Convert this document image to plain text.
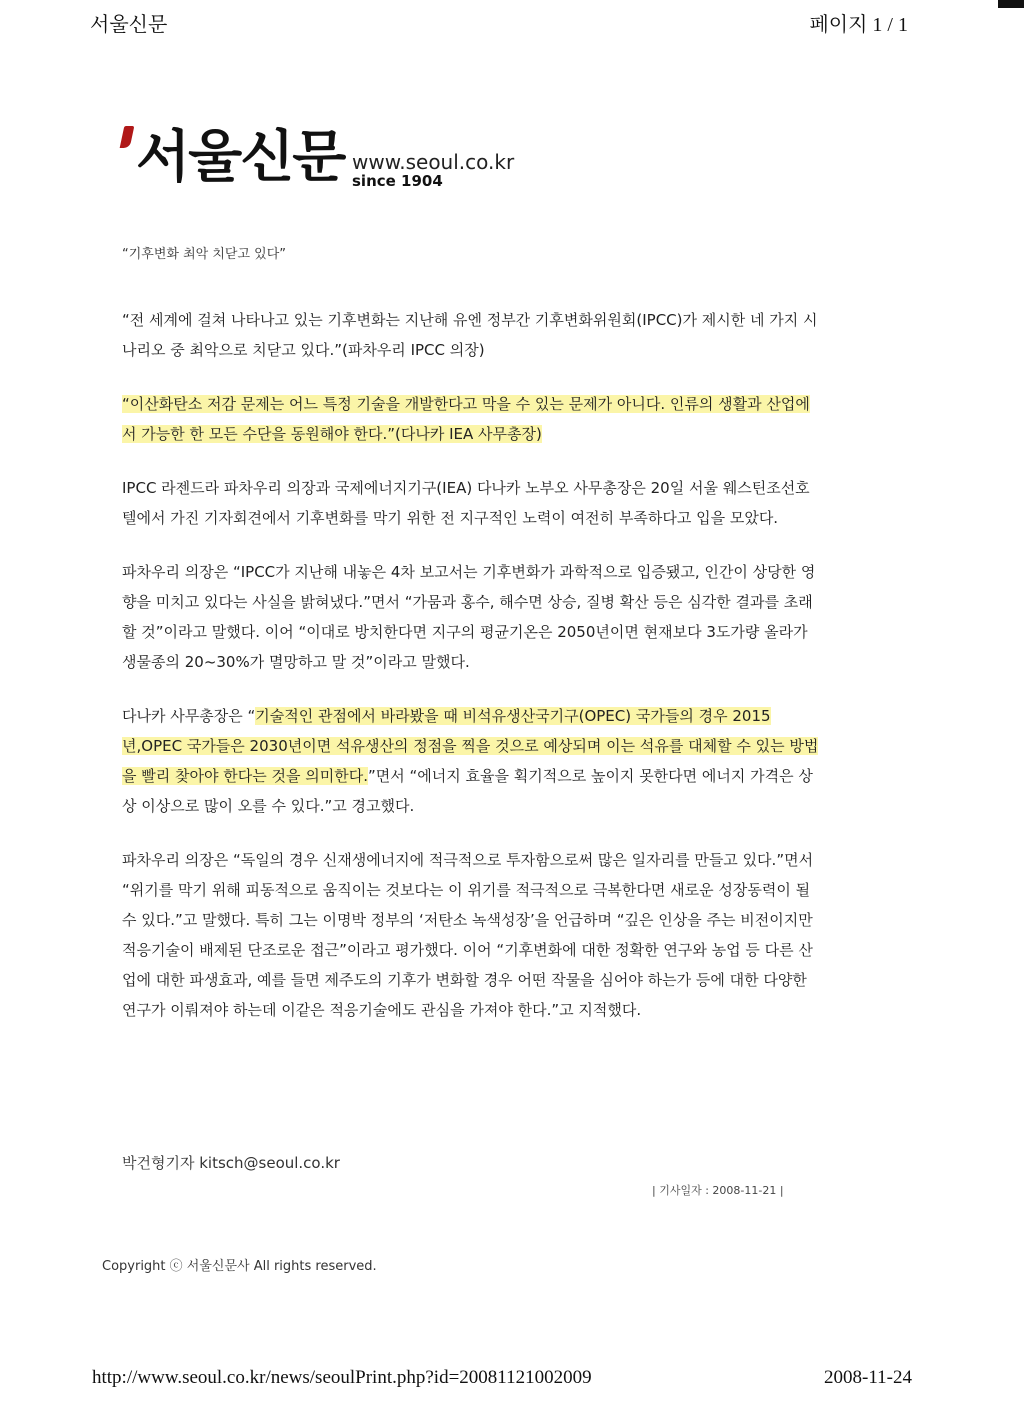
서울신문	페이지 1 / 1
서울신문 www.seoul.co.kr
since 1904
“기후변화 최악 치닫고 있다”

“전 세계에 걸쳐 나타나고 있는 기후변화는 지난해 유엔 정부간 기후변화위원회(IPCC)가 제시한 네 가지 시나리오 중 최악으로 치닫고 있다.”(파차우리 IPCC 의장)

“이산화탄소 저감 문제는 어느 특정 기술을 개발한다고 막을 수 있는 문제가 아니다. 인류의 생활과 산업에서 가능한 한 모든 수단을 동원해야 한다.”(다나카 IEA 사무총장)

IPCC 라젠드라 파차우리 의장과 국제에너지기구(IEA) 다나카 노부오 사무총장은 20일 서울 웨스틴조선호텔에서 가진 기자회견에서 기후변화를 막기 위한 전 지구적인 노력이 여전히 부족하다고 입을 모았다.

파차우리 의장은 “IPCC가 지난해 내놓은 4차 보고서는 기후변화가 과학적으로 입증됐고, 인간이 상당한 영향을 미치고 있다는 사실을 밝혀냈다.”면서 “가뭄과 홍수, 해수면 상승, 질병 확산 등은 심각한 결과를 초래할 것”이라고 말했다. 이어 “이대로 방치한다면 지구의 평균기온은 2050년이면 현재보다 3도가량 올라가 생물종의 20~30%가 멸망하고 말 것”이라고 말했다.

다나카 사무총장은 “기술적인 관점에서 바라봤을 때 비석유생산국기구(OPEC) 국가들의 경우 2015년,OPEC 국가들은 2030년이면 석유생산의 정점을 찍을 것으로 예상되며 이는 석유를 대체할 수 있는 방법을 빨리 찾아야 한다는 것을 의미한다.”면서 “에너지 효율을 획기적으로 높이지 못한다면 에너지 가격은 상상 이상으로 많이 오를 수 있다.”고 경고했다.

파차우리 의장은 “독일의 경우 신재생에너지에 적극적으로 투자함으로써 많은 일자리를 만들고 있다.”면서 “위기를 막기 위해 피동적으로 움직이는 것보다는 이 위기를 적극적으로 극복한다면 새로운 성장동력이 될 수 있다.”고 말했다. 특히 그는 이명박 정부의 ‘저탄소 녹색성장’을 언급하며 “깊은 인상을 주는 비전이지만 적응기술이 배제된 단조로운 접근”이라고 평가했다. 이어 “기후변화에 대한 정확한 연구와 농업 등 다른 산업에 대한 파생효과, 예를 들면 제주도의 기후가 변화할 경우 어떤 작물을 심어야 하는가 등에 대한 다양한 연구가 이뤄져야 하는데 이같은 적응기술에도 관심을 가져야 한다.”고 지적했다.

박건형기자 kitsch@seoul.co.kr
| 기사일자 : 2008-11-21 |
Copyright ⓒ 서울신문사 All rights reserved.
http://www.seoul.co.kr/news/seoulPrint.php?id=20081121002009	2008-11-24
